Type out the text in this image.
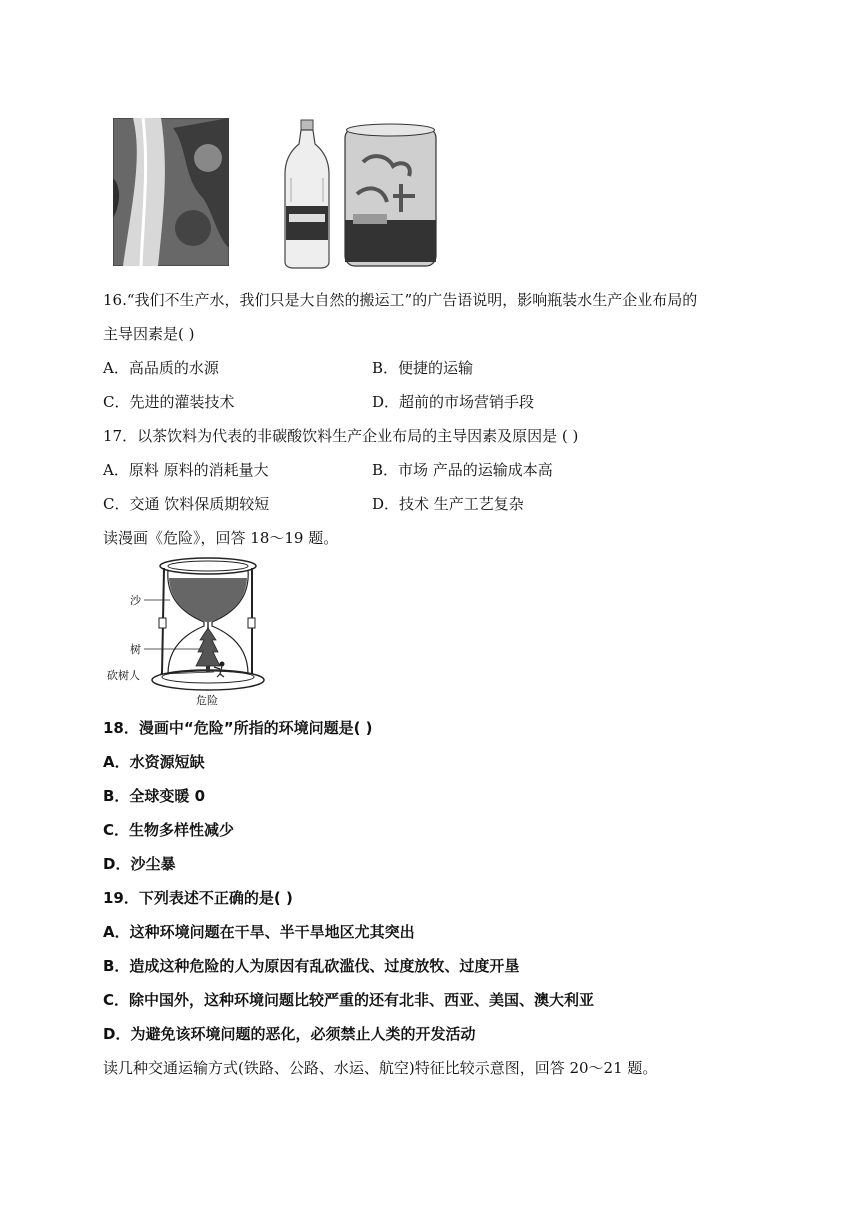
16.“我们不生产水，我们只是大自然的搬运工”的广告语说明，影响瓶装水生产企业布局的
主导因素是( )
A．高品质的水源	B．便捷的运输
C．先进的灌装技术	D．超前的市场营销手段
17．以茶饮料为代表的非碳酸饮料生产企业布局的主导因素及原因是 ( )
A．原料 原料的消耗量大	B．市场 产品的运输成本高
C．交通 饮料保质期较短	D．技术 生产工艺复杂
读漫画《危险》，回答 18～19 题。
沙
树
砍树人
危险
18．漫画中“危险”所指的环境问题是( )
A．水资源短缺
B．全球变暖 0
C．生物多样性减少
D．沙尘暴
19．下列表述不正确的是( )
A．这种环境问题在干旱、半干旱地区尤其突出
B．造成这种危险的人为原因有乱砍滥伐、过度放牧、过度开垦
C．除中国外，这种环境问题比较严重的还有北非、西亚、美国、澳大利亚
D．为避免该环境问题的恶化，必须禁止人类的开发活动
读几种交通运输方式(铁路、公路、水运、航空)特征比较示意图，回答 20～21 题。
